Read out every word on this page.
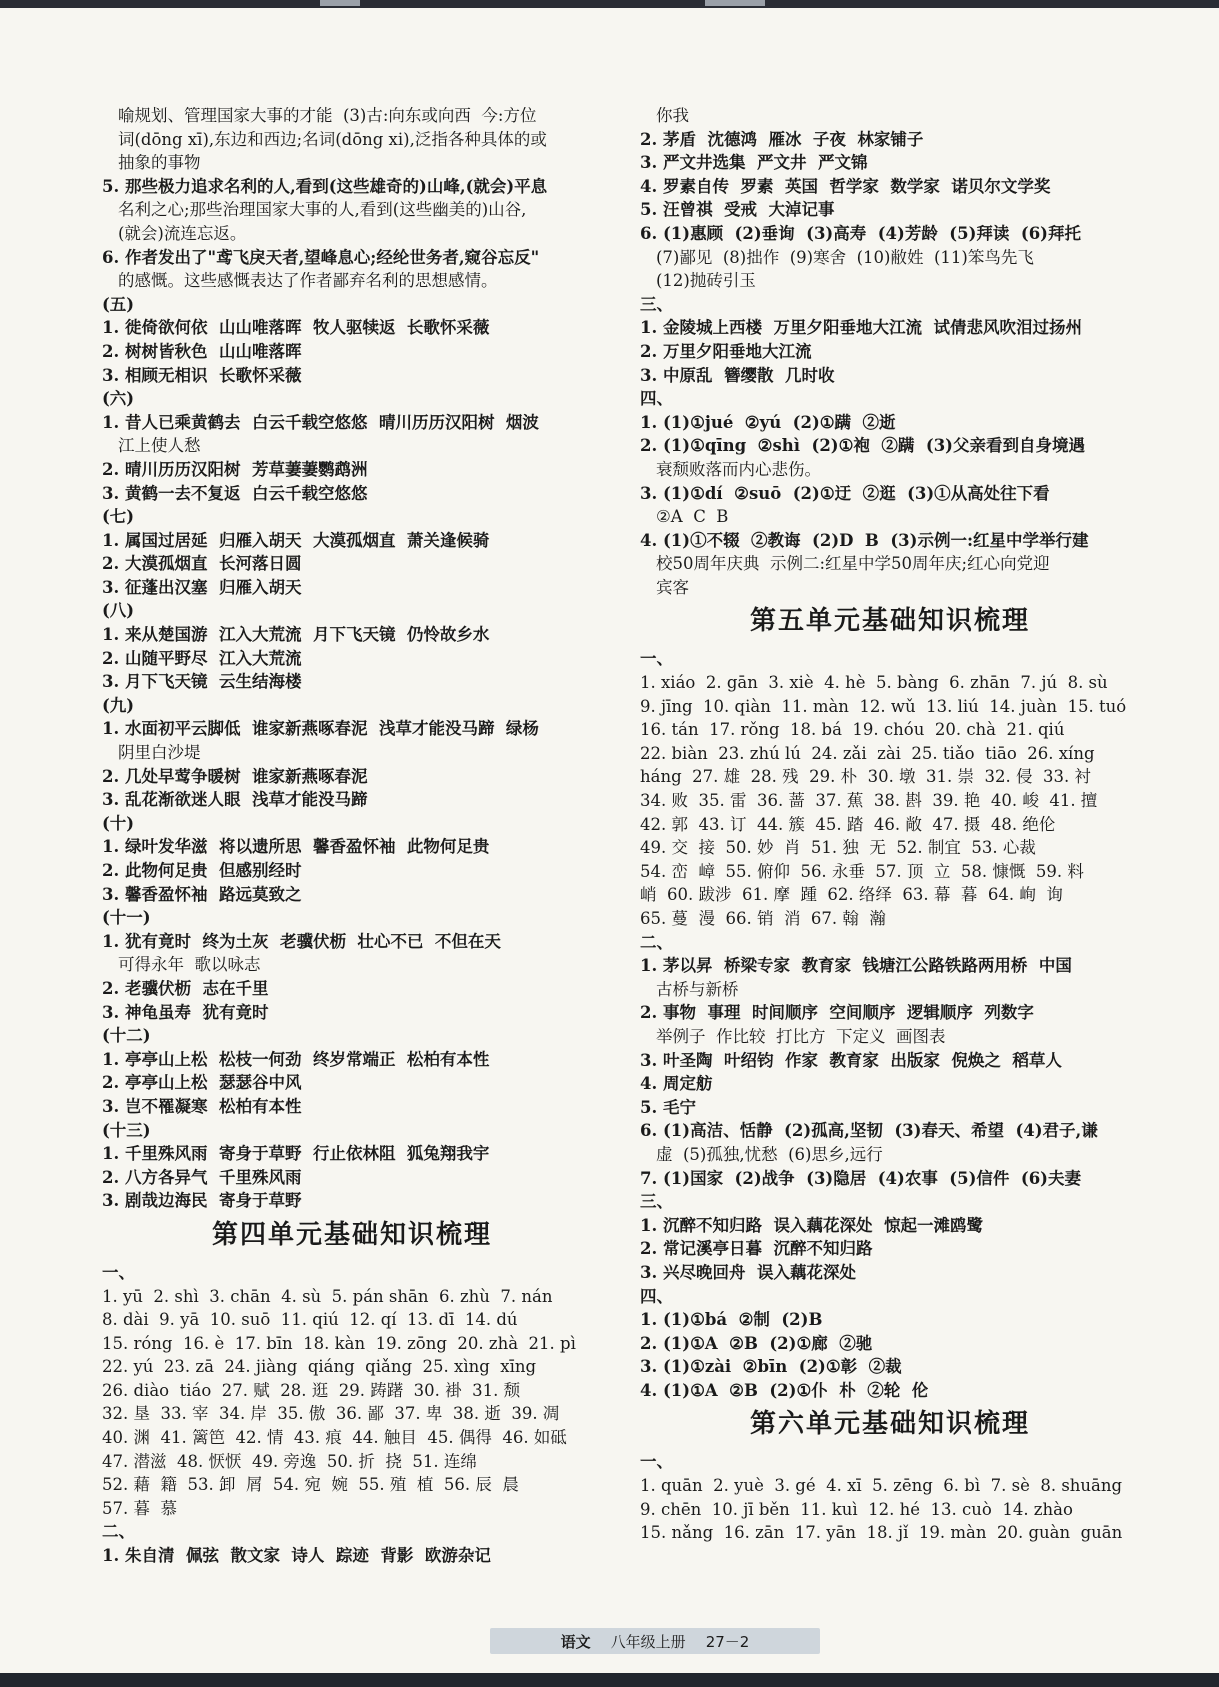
喻规划、管理国家大事的才能  (3)古:向东或向西  今:方位

词(dōng xī),东边和西边;名词(dōng xi),泛指各种具体的或

抽象的事物

5. 那些极力追求名利的人,看到(这些雄奇的)山峰,(就会)平息

名利之心;那些治理国家大事的人,看到(这些幽美的)山谷,

(就会)流连忘返。

6. 作者发出了"鸢飞戾天者,望峰息心;经纶世务者,窥谷忘反"

的感慨。这些感慨表达了作者鄙弃名利的思想感情。

(五)

1. 徙倚欲何依  山山唯落晖  牧人驱犊返  长歌怀采薇

2. 树树皆秋色  山山唯落晖

3. 相顾无相识  长歌怀采薇

(六)

1. 昔人已乘黄鹤去  白云千载空悠悠  晴川历历汉阳树  烟波

江上使人愁

2. 晴川历历汉阳树  芳草萋萋鹦鹉洲

3. 黄鹤一去不复返  白云千载空悠悠

(七)

1. 属国过居延  归雁入胡天  大漠孤烟直  萧关逢候骑

2. 大漠孤烟直  长河落日圆

3. 征蓬出汉塞  归雁入胡天

(八)

1. 来从楚国游  江入大荒流  月下飞天镜  仍怜故乡水

2. 山随平野尽  江入大荒流

3. 月下飞天镜  云生结海楼

(九)

1. 水面初平云脚低  谁家新燕啄春泥  浅草才能没马蹄  绿杨

阴里白沙堤

2. 几处早莺争暖树  谁家新燕啄春泥

3. 乱花渐欲迷人眼  浅草才能没马蹄

(十)

1. 绿叶发华滋  将以遗所思  馨香盈怀袖  此物何足贵

2. 此物何足贵  但感别经时

3. 馨香盈怀袖  路远莫致之

(十一)

1. 犹有竟时  终为土灰  老骥伏枥  壮心不已  不但在天

可得永年  歌以咏志

2. 老骥伏枥  志在千里

3. 神龟虽寿  犹有竟时

(十二)

1. 亭亭山上松  松枝一何劲  终岁常端正  松柏有本性

2. 亭亭山上松  瑟瑟谷中风

3. 岂不罹凝寒  松柏有本性

(十三)

1. 千里殊风雨  寄身于草野  行止依林阻  狐兔翔我宇

2. 八方各异气  千里殊风雨

3. 剧哉边海民  寄身于草野

第四单元基础知识梳理

一、

1. yū  2. shì  3. chān  4. sù  5. pán shān  6. zhù  7. nán

8. dài  9. yā  10. suō  11. qiú  12. qí  13. dī  14. dú

15. róng  16. è  17. bīn  18. kàn  19. zōng  20. zhà  21. pì

22. yú  23. zā  24. jiàng  qiáng  qiǎng  25. xìng  xīng

26. diào  tiáo  27. 赋  28. 逛  29. 踌躇  30. 褂  31. 颓

32. 垦  33. 宰  34. 岸  35. 傲  36. 鄙  37. 卑  38. 逝  39. 凋

40. 渊  41. 篱笆  42. 情  43. 痕  44. 触目  45. 偶得  46. 如砥

47. 潜滋  48. 恹恹  49. 旁逸  50. 折  挠  51. 连绵

52. 藉  籍  53. 卸  屑  54. 宛  婉  55. 殖  植  56. 辰  晨

57. 暮  慕

二、

1. 朱自清  佩弦  散文家  诗人  踪迹  背影  欧游杂记

你我

2. 茅盾  沈德鸿  雁冰  子夜  林家铺子

3. 严文井选集  严文井  严文锦

4. 罗素自传  罗素  英国  哲学家  数学家  诺贝尔文学奖

5. 汪曾祺  受戒  大淖记事

6. (1)惠顾  (2)垂询  (3)高寿  (4)芳龄  (5)拜读  (6)拜托

(7)鄙见  (8)拙作  (9)寒舍  (10)敝姓  (11)笨鸟先飞

(12)抛砖引玉

三、

1. 金陵城上西楼  万里夕阳垂地大江流  试倩悲风吹泪过扬州

2. 万里夕阳垂地大江流

3. 中原乱  簪缨散  几时收

四、

1. (1)①jué  ②yú  (2)①蹒  ②逝

2. (1)①qīng  ②shì  (2)①袍  ②蹒  (3)父亲看到自身境遇

衰颓败落而内心悲伤。

3. (1)①dí  ②suō  (2)①迂  ②逛  (3)①从高处往下看

②A  C  B

4. (1)①不辍  ②教诲  (2)D  B  (3)示例一:红星中学举行建

校50周年庆典  示例二:红星中学50周年庆;红心向党迎

宾客

第五单元基础知识梳理

一、

1. xiáo  2. gān  3. xiè  4. hè  5. bàng  6. zhān  7. jú  8. sù

9. jīng  10. qiàn  11. màn  12. wǔ  13. liú  14. juàn  15. tuó

16. tán  17. rǒng  18. bá  19. chóu  20. chà  21. qiú

22. biàn  23. zhú lú  24. zǎi  zài  25. tiǎo  tiāo  26. xíng

háng  27. 雄  28. 残  29. 朴  30. 墩  31. 崇  32. 侵  33. 衬

34. 败  35. 雷  36. 蔷  37. 蕉  38. 斟  39. 艳  40. 峻  41. 擅

42. 郭  43. 订  44. 簇  45. 踏  46. 敞  47. 摄  48. 绝伦

49. 交  接  50. 妙  肖  51. 独  无  52. 制宜  53. 心裁

54. 峦  嶂  55. 俯仰  56. 永垂  57. 顶  立  58. 慷慨  59. 料

峭  60. 跋涉  61. 摩  踵  62. 络绎  63. 幕  暮  64. 峋  询

65. 蔓  漫  66. 销  消  67. 翰  瀚

二、

1. 茅以昇  桥梁专家  教育家  钱塘江公路铁路两用桥  中国

古桥与新桥

2. 事物  事理  时间顺序  空间顺序  逻辑顺序  列数字

举例子  作比较  打比方  下定义  画图表

3. 叶圣陶  叶绍钧  作家  教育家  出版家  倪焕之  稻草人

4. 周定舫

5. 毛宁

6. (1)高洁、恬静  (2)孤高,坚韧  (3)春天、希望  (4)君子,谦

虚  (5)孤独,忧愁  (6)思乡,远行

7. (1)国家  (2)战争  (3)隐居  (4)农事  (5)信件  (6)夫妻

三、

1. 沉醉不知归路  误入藕花深处  惊起一滩鸥鹭

2. 常记溪亭日暮  沉醉不知归路

3. 兴尽晚回舟  误入藕花深处

四、

1. (1)①bá  ②制  (2)B

2. (1)①A  ②B  (2)①廊  ②驰

3. (1)①zài  ②bīn  (2)①彰  ②裁

4. (1)①A  ②B  (2)①仆  朴  ②轮  伦

第六单元基础知识梳理

一、

1. quān  2. yuè  3. gé  4. xī  5. zēng  6. bì  7. sè  8. shuāng

9. chēn  10. jī běn  11. kuì  12. hé  13. cuò  14. zhào

15. nǎng  16. zān  17. yān  18. jǐ  19. màn  20. guàn  guān

语文 八年级上册 27－2
